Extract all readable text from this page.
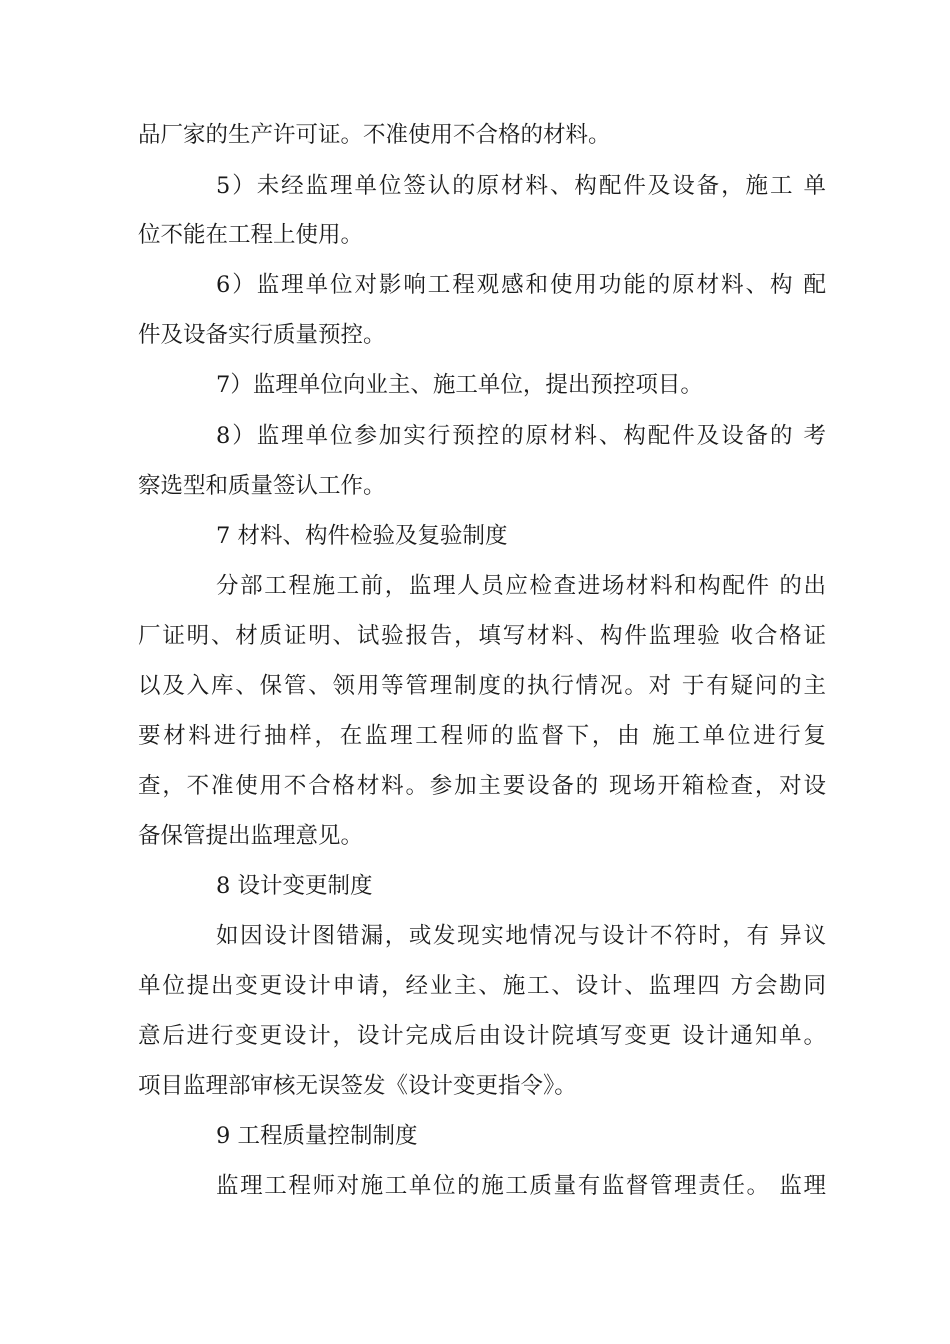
品厂家的生产许可证。不准使用不合格的材料。
5）未经监理单位签认的原材料、构配件及设备，施工 单
位不能在工程上使用。
6）监理单位对影响工程观感和使用功能的原材料、构 配
件及设备实行质量预控。
7）监理单位向业主、施工单位，提出预控项目。
8）监理单位参加实行预控的原材料、构配件及设备的 考
察选型和质量签认工作。
7 材料、构件检验及复验制度
分部工程施工前，监理人员应检查进场材料和构配件 的出
厂证明、材质证明、试验报告，填写材料、构件监理验 收合格证
以及入库、保管、领用等管理制度的执行情况。对 于有疑问的主
要材料进行抽样，在监理工程师的监督下，由 施工单位进行复
查，不准使用不合格材料。参加主要设备的 现场开箱检查，对设
备保管提出监理意见。
8 设计变更制度
如因设计图错漏，或发现实地情况与设计不符时，有 异议
单位提出变更设计申请，经业主、施工、设计、监理四 方会勘同
意后进行变更设计，设计完成后由设计院填写变更 设计通知单。
项目监理部审核无误签发《设计变更指令》。
9 工程质量控制制度
监理工程师对施工单位的施工质量有监督管理责任。 监理
